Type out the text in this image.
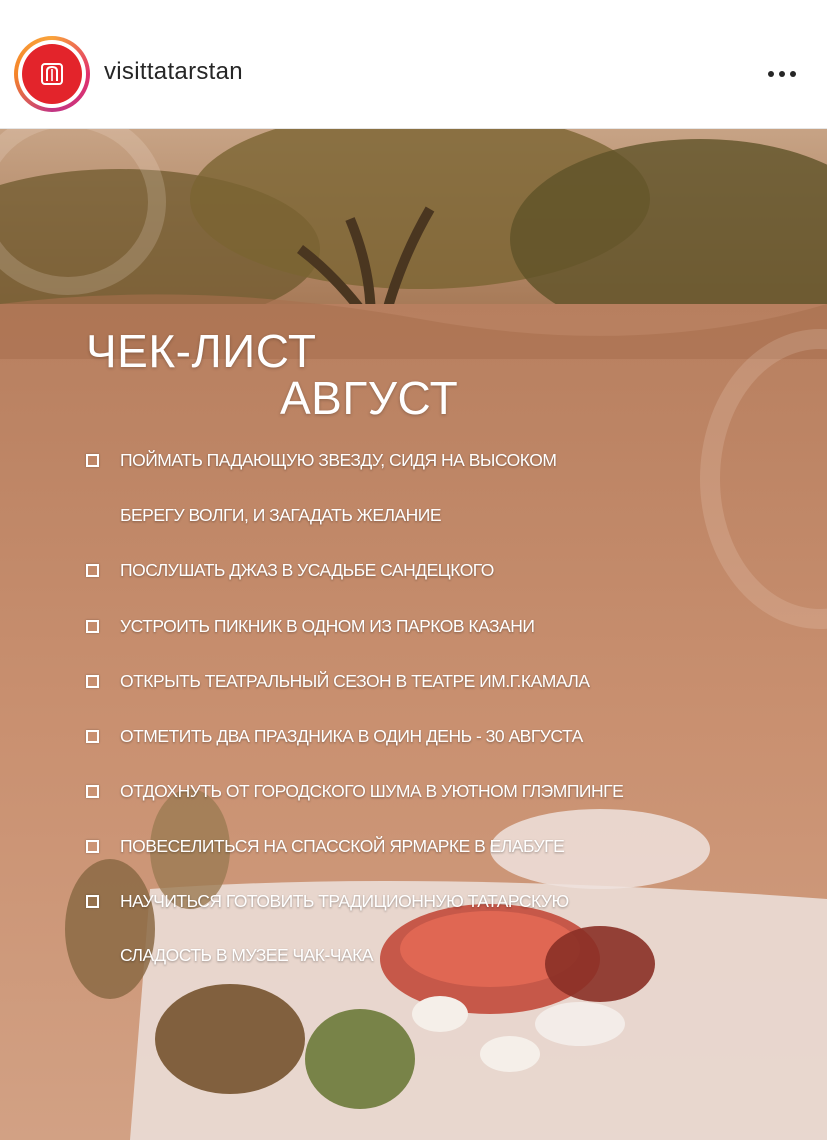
visittatarstan
ЧЕК-ЛИСТ
АВГУСТ
ПОЙМАТЬ ПАДАЮЩУЮ ЗВЕЗДУ, СИДЯ НА ВЫСОКОМ
БЕРЕГУ ВОЛГИ, И ЗАГАДАТЬ ЖЕЛАНИЕ
ПОСЛУШАТЬ ДЖАЗ В УСАДЬБЕ САНДЕЦКОГО
УСТРОИТЬ ПИКНИК В ОДНОМ ИЗ ПАРКОВ КАЗАНИ
ОТКРЫТЬ ТЕАТРАЛЬНЫЙ СЕЗОН В ТЕАТРЕ ИМ.Г.КАМАЛА
ОТМЕТИТЬ ДВА ПРАЗДНИКА В ОДИН ДЕНЬ - 30 АВГУСТА
ОТДОХНУТЬ ОТ ГОРОДСКОГО ШУМА В УЮТНОМ ГЛЭМПИНГЕ
ПОВЕСЕЛИТЬСЯ НА СПАССКОЙ ЯРМАРКЕ В ЕЛАБУГЕ
НАУЧИТЬСЯ ГОТОВИТЬ ТРАДИЦИОННУЮ ТАТАРСКУЮ
СЛАДОСТЬ В МУЗЕЕ ЧАК-ЧАКА
